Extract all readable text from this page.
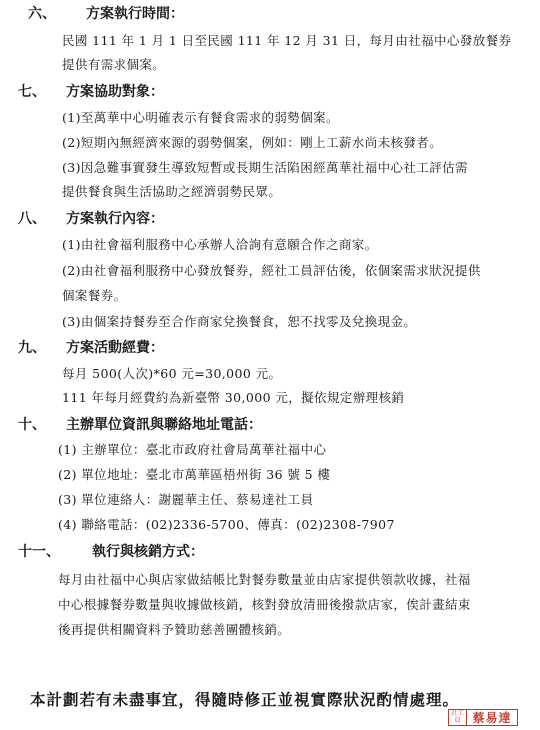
六、 方案執行時間：
民國 111 年 1 月 1 日至民國 111 年 12 月 31 日，每月由社福中心發放餐券
提供有需求個案。
七、 方案協助對象：
(1)至萬華中心明確表示有餐食需求的弱勢個案。
(2)短期內無經濟來源的弱勢個案，例如：剛上工薪水尚未核發者。
(3)因急難事實發生導致短暫或長期生活陷困經萬華社福中心社工評估需
提供餐食與生活協助之經濟弱勢民眾。
八、 方案執行內容：
(1)由社會福利服務中心承辦人洽詢有意願合作之商家。
(2)由社會福利服務中心發放餐券，經社工員評估後，依個案需求狀況提供
個案餐券。
(3)由個案持餐券至合作商家兌換餐食，恕不找零及兌換現金。
九、 方案活動經費：
每月 500(人次)*60 元=30,000 元。
111 年每月經費約為新臺幣 30,000 元，擬依規定辦理核銷
十、 主辦單位資訊與聯絡地址電話：
(1) 主辦單位：臺北市政府社會局萬華社福中心
(2) 單位地址：臺北市萬華區梧州街 36 號 5 樓
(3) 單位連絡人：謝麗華主任、蔡易達社工員
(4) 聯絡電話：(02)2336-5700、傳真：(02)2308-7907
十一、 執行與核銷方式：
每月由社福中心與店家做結帳比對餐券數量並由店家提供領款收據，社福
中心根據餐券數量與收據做核銷，核對發放清冊後撥款店家，俟計畫結束
後再提供相關資料予贊助慈善團體核銷。
本計劃若有未盡事宜，得隨時修正並視實際狀況酌情處理。
社工員 蔡易達
